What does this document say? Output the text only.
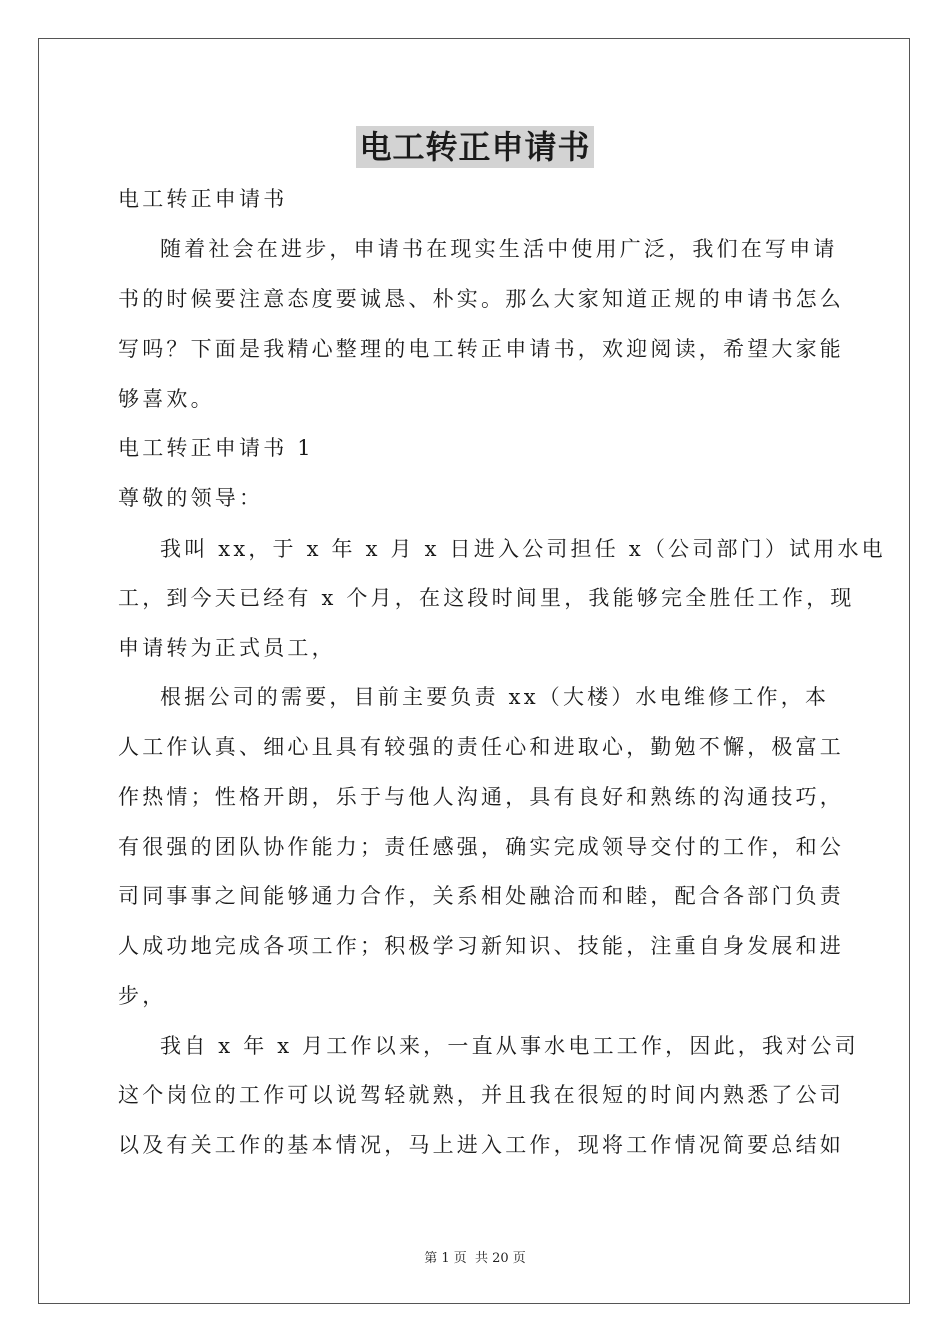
电工转正申请书
电工转正申请书
随着社会在进步，申请书在现实生活中使用广泛，我们在写申请
书的时候要注意态度要诚恳、朴实。那么大家知道正规的申请书怎么
写吗？下面是我精心整理的电工转正申请书，欢迎阅读，希望大家能
够喜欢。
电工转正申请书 1
尊敬的领导：
我叫 xx，于 x 年 x 月 x 日进入公司担任 x（公司部门）试用水电
工，到今天已经有 x 个月，在这段时间里，我能够完全胜任工作，现
申请转为正式员工，
根据公司的需要，目前主要负责 xx（大楼）水电维修工作，本
人工作认真、细心且具有较强的责任心和进取心，勤勉不懈，极富工
作热情；性格开朗，乐于与他人沟通，具有良好和熟练的沟通技巧，
有很强的团队协作能力；责任感强，确实完成领导交付的工作，和公
司同事事之间能够通力合作，关系相处融洽而和睦，配合各部门负责
人成功地完成各项工作；积极学习新知识、技能，注重自身发展和进
步，
我自 x 年 x 月工作以来，一直从事水电工工作，因此，我对公司
这个岗位的工作可以说驾轻就熟，并且我在很短的时间内熟悉了公司
以及有关工作的基本情况，马上进入工作，现将工作情况简要总结如
第 1 页 共 20 页
